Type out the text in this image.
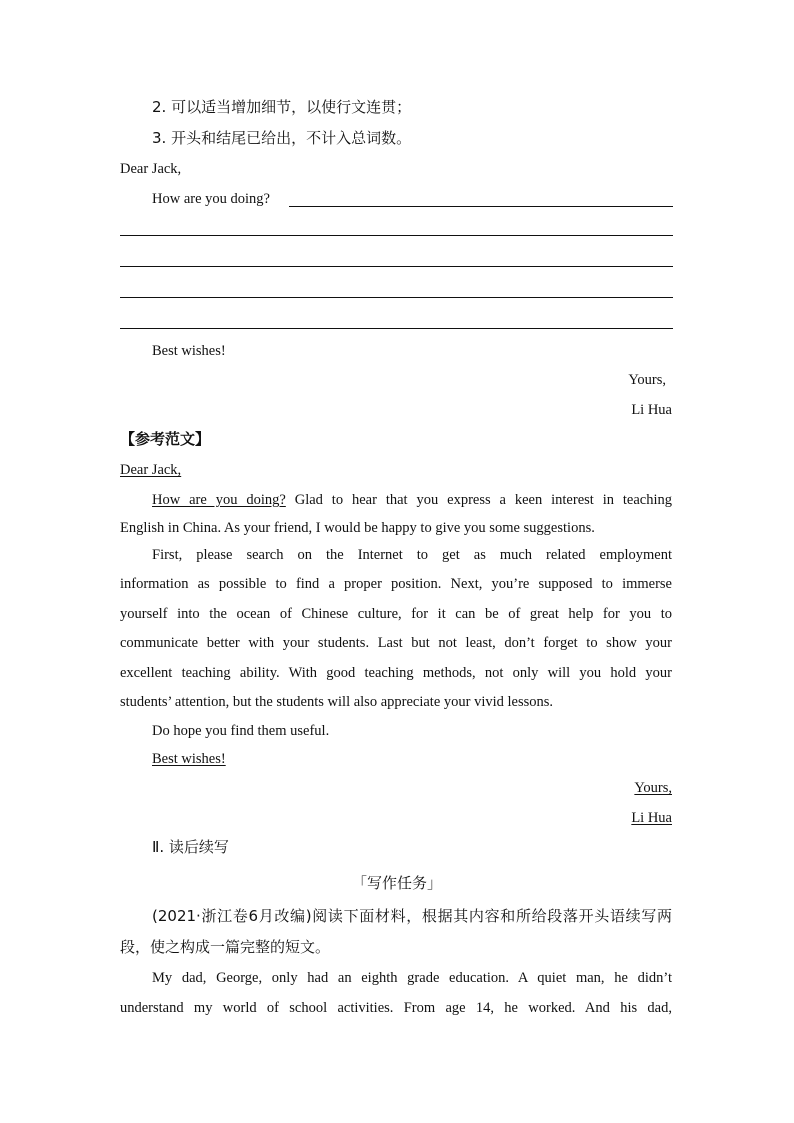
2. 可以适当增加细节，以使行文连贯；
3. 开头和结尾已给出，不计入总词数。
Dear Jack,
How are you doing?
Best wishes!
Yours,
Li Hua
【参考范文】
Dear Jack,
How are you doing? Glad to hear that you express a keen interest in teaching
English in China. As your friend, I would be happy to give you some suggestions.
First, please search on the Internet to get as much related employment
information as possible to find a proper position. Next, you’re supposed to immerse
yourself into the ocean of Chinese culture, for it can be of great help for you to
communicate better with your students. Last but not least, don’t forget to show your
excellent teaching ability. With good teaching methods, not only will you hold your
students’ attention, but the students will also appreciate your vivid lessons.
Do hope you find them useful.
Best wishes!
Yours,
Li Hua
Ⅱ. 读后续写
「写作任务」
(2021·浙江卷6月改编)阅读下面材料，根据其内容和所给段落开头语续写两
段，使之构成一篇完整的短文。
My dad, George, only had an eighth grade education. A quiet man, he didn’t
understand my world of school activities. From age 14, he worked. And his dad,
